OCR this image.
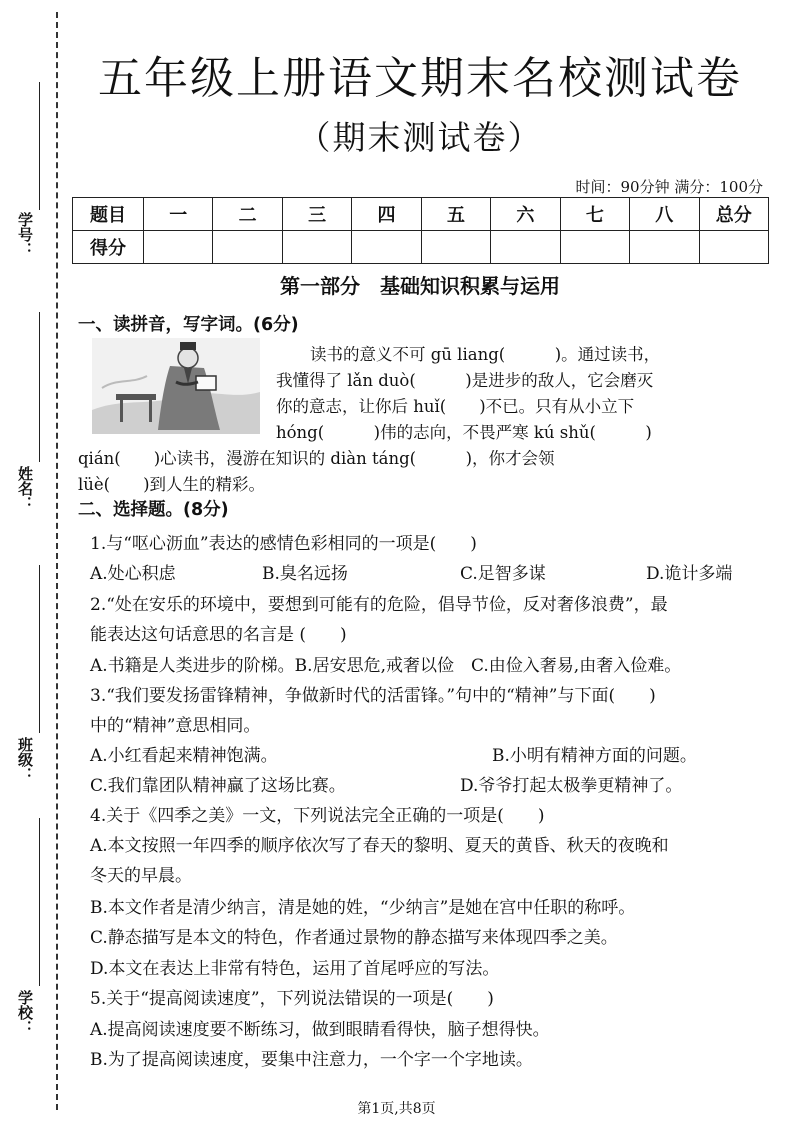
学号：
姓名：
班级：
学校：
五年级上册语文期末名校测试卷
（期末测试卷）
时间：90分钟 满分：100分
题目	一	二	三	四	五	六	七	八	总分
得分									
第一部分　基础知识积累与运用
一、读拼音，写字词。(6分)
读书的意义不可 gū liang(　　　)。通过读书，
我懂得了 lǎn duò(　　　)是进步的敌人，它会磨灭
你的意志，让你后 huǐ(　　)不已。只有从小立下
hóng(　　　)伟的志向，不畏严寒 kú shǔ(　　　)
qián(　　)心读书，漫游在知识的 diàn táng(　　　)，你才会领
lüè(　　)到人生的精彩。
二、选择题。(8分)
1.与“呕心沥血”表达的感情色彩相同的一项是(　　)
A.处心积虑	B.臭名远扬	C.足智多谋	D.诡计多端
2.“处在安乐的环境中，要想到可能有的危险，倡导节俭，反对奢侈浪费”，最
能表达这句话意思的名言是 (　　)
A.书籍是人类进步的阶梯。B.居安思危,戒奢以俭　C.由俭入奢易,由奢入俭难。
3.“我们要发扬雷锋精神，争做新时代的活雷锋。”句中的“精神”与下面(　　)
中的“精神”意思相同。
A.小红看起来精神饱满。	B.小明有精神方面的问题。
C.我们靠团队精神赢了这场比赛。	D.爷爷打起太极拳更精神了。
4.关于《四季之美》一文，下列说法完全正确的一项是(　　)
A.本文按照一年四季的顺序依次写了春天的黎明、夏天的黄昏、秋天的夜晚和
冬天的早晨。
B.本文作者是清少纳言，清是她的姓，“少纳言”是她在宫中任职的称呼。
C.静态描写是本文的特色，作者通过景物的静态描写来体现四季之美。
D.本文在表达上非常有特色，运用了首尾呼应的写法。
5.关于“提高阅读速度”，下列说法错误的一项是(　　)
A.提高阅读速度要不断练习，做到眼睛看得快，脑子想得快。
B.为了提高阅读速度，要集中注意力，一个字一个字地读。
第1页,共8页
